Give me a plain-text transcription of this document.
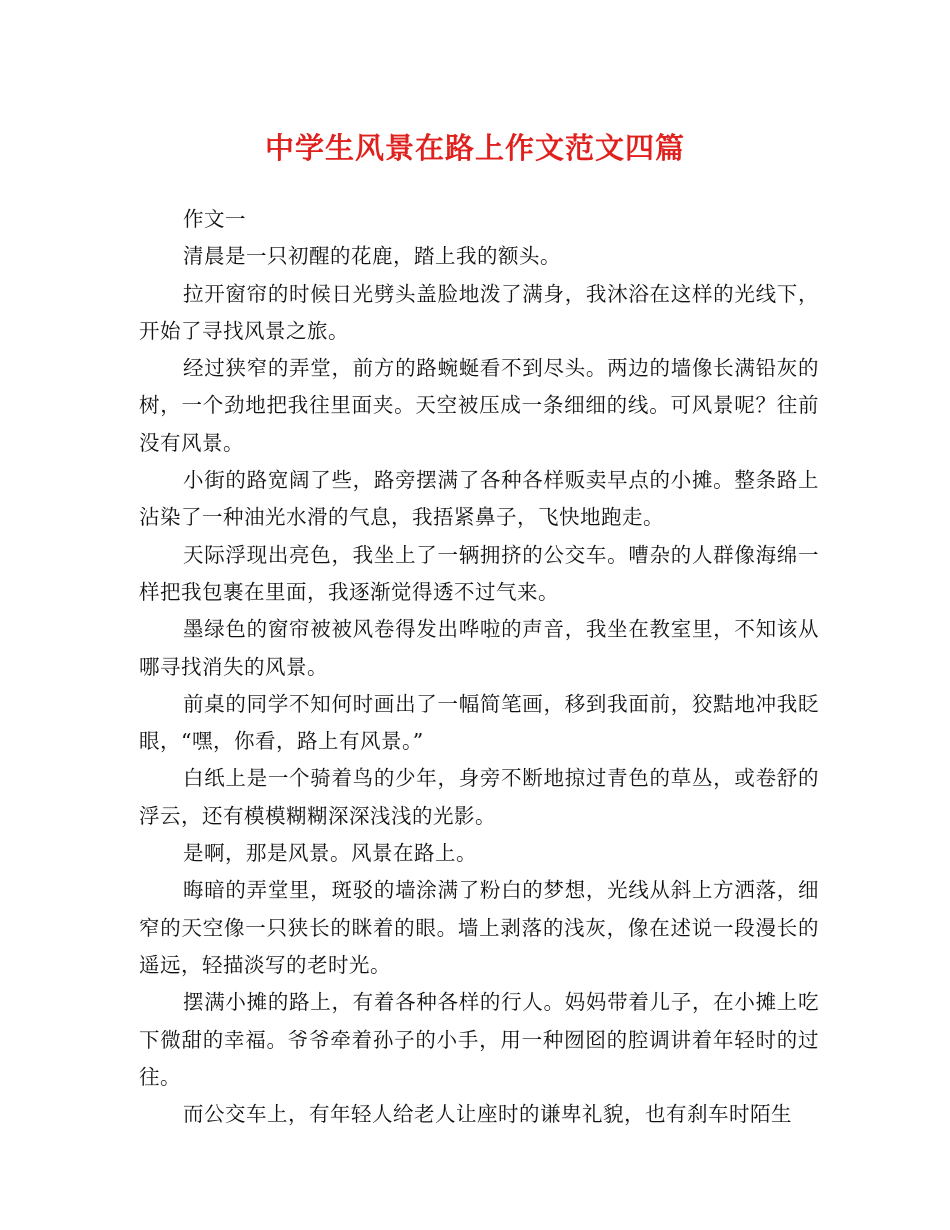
中学生风景在路上作文范文四篇

作文一

清晨是一只初醒的花鹿，踏上我的额头。

拉开窗帘的时候日光劈头盖脸地泼了满身，我沐浴在这样的光线下，开始了寻找风景之旅。

经过狭窄的弄堂，前方的路蜿蜒看不到尽头。两边的墙像长满铅灰的树，一个劲地把我往里面夹。天空被压成一条细细的线。可风景呢？往前没有风景。

小街的路宽阔了些，路旁摆满了各种各样贩卖早点的小摊。整条路上沾染了一种油光水滑的气息，我捂紧鼻子，飞快地跑走。

天际浮现出亮色，我坐上了一辆拥挤的公交车。嘈杂的人群像海绵一样把我包裹在里面，我逐渐觉得透不过气来。

墨绿色的窗帘被被风卷得发出哗啦的声音，我坐在教室里，不知该从哪寻找消失的风景。

前桌的同学不知何时画出了一幅简笔画，移到我面前，狡黠地冲我眨眼，“嘿，你看，路上有风景。”

白纸上是一个骑着鸟的少年，身旁不断地掠过青色的草丛，或卷舒的浮云，还有模模糊糊深深浅浅的光影。

是啊，那是风景。风景在路上。

晦暗的弄堂里，斑驳的墙涂满了粉白的梦想，光线从斜上方洒落，细窄的天空像一只狭长的眯着的眼。墙上剥落的浅灰，像在述说一段漫长的遥远，轻描淡写的老时光。

摆满小摊的路上，有着各种各样的行人。妈妈带着儿子，在小摊上吃下微甜的幸福。爷爷牵着孙子的小手，用一种囫囵的腔调讲着年轻时的过往。

而公交车上，有年轻人给老人让座时的谦卑礼貌，也有刹车时陌生
